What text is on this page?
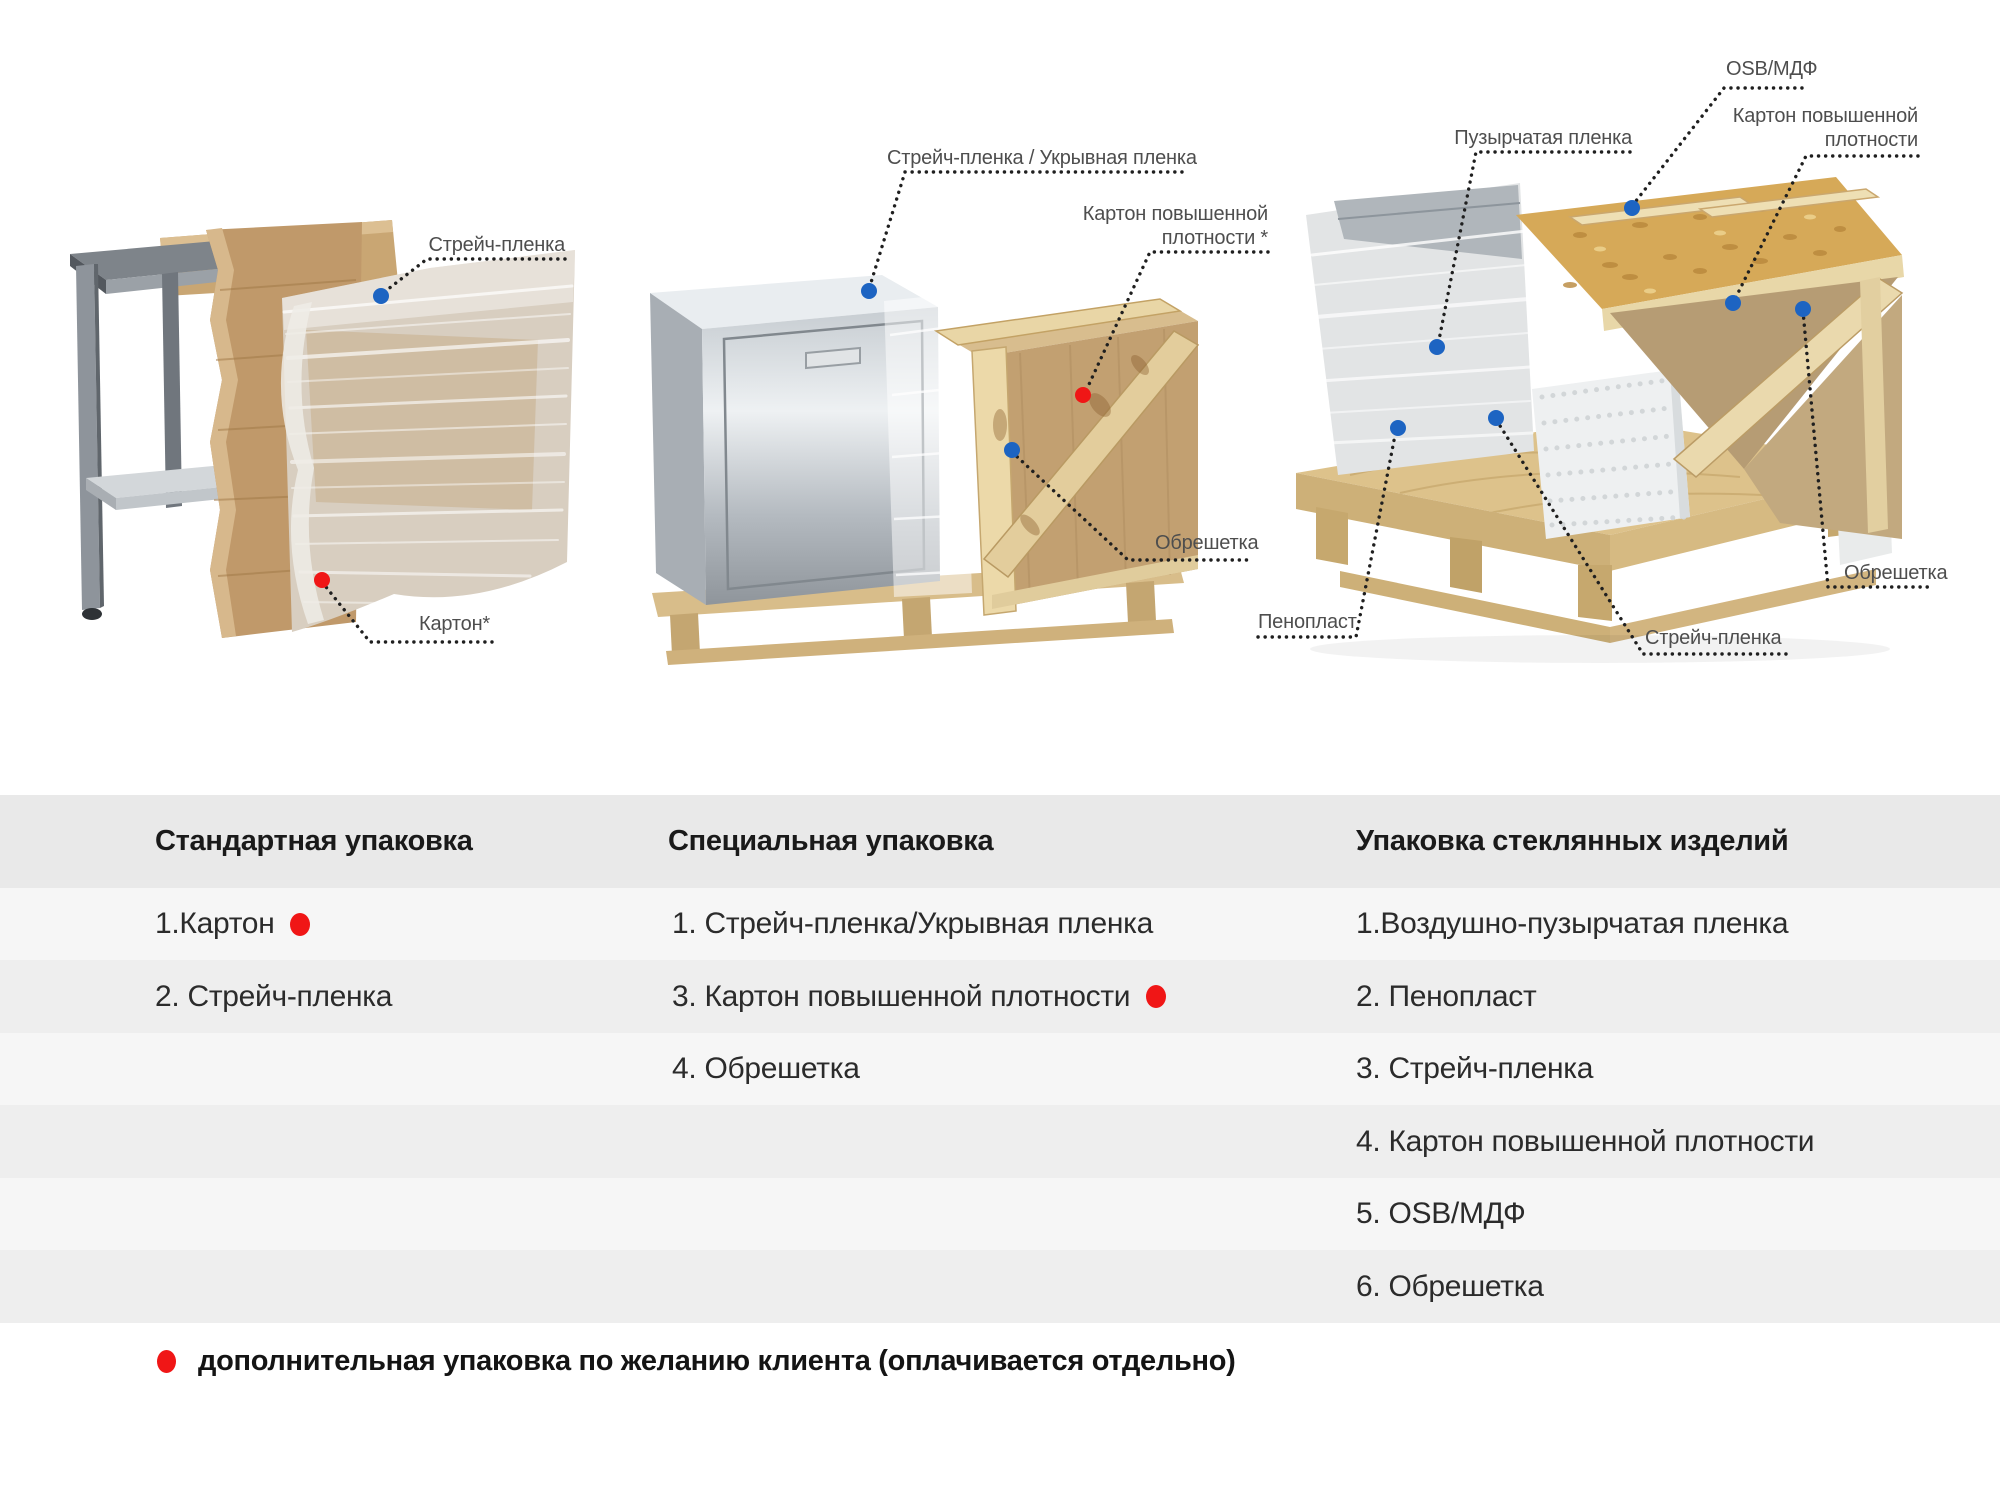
Стрейч-пленка
Картон*
Стрейч-пленка / Укрывная пленка
Картон повышенной плотности *
Обрешетка
Пузырчатая пленка
OSB/МДФ
Картон повышенной плотности
Обрешетка
Пенопласт
Стрейч-пленка
Стандартная упаковка	Специальная упаковка	Упаковка стеклянных изделий
1.Картон
2. Стрейч-пленка
1. Стрейч-пленка/Укрывная пленка
3. Картон повышенной плотности
4. Обрешетка
1.Воздушно-пузырчатая пленка
2. Пенопласт
3. Стрейч-пленка
4. Картон повышенной плотности
5. OSB/МДФ
6. Обрешетка
дополнительная упаковка по желанию клиента (оплачивается отдельно)
